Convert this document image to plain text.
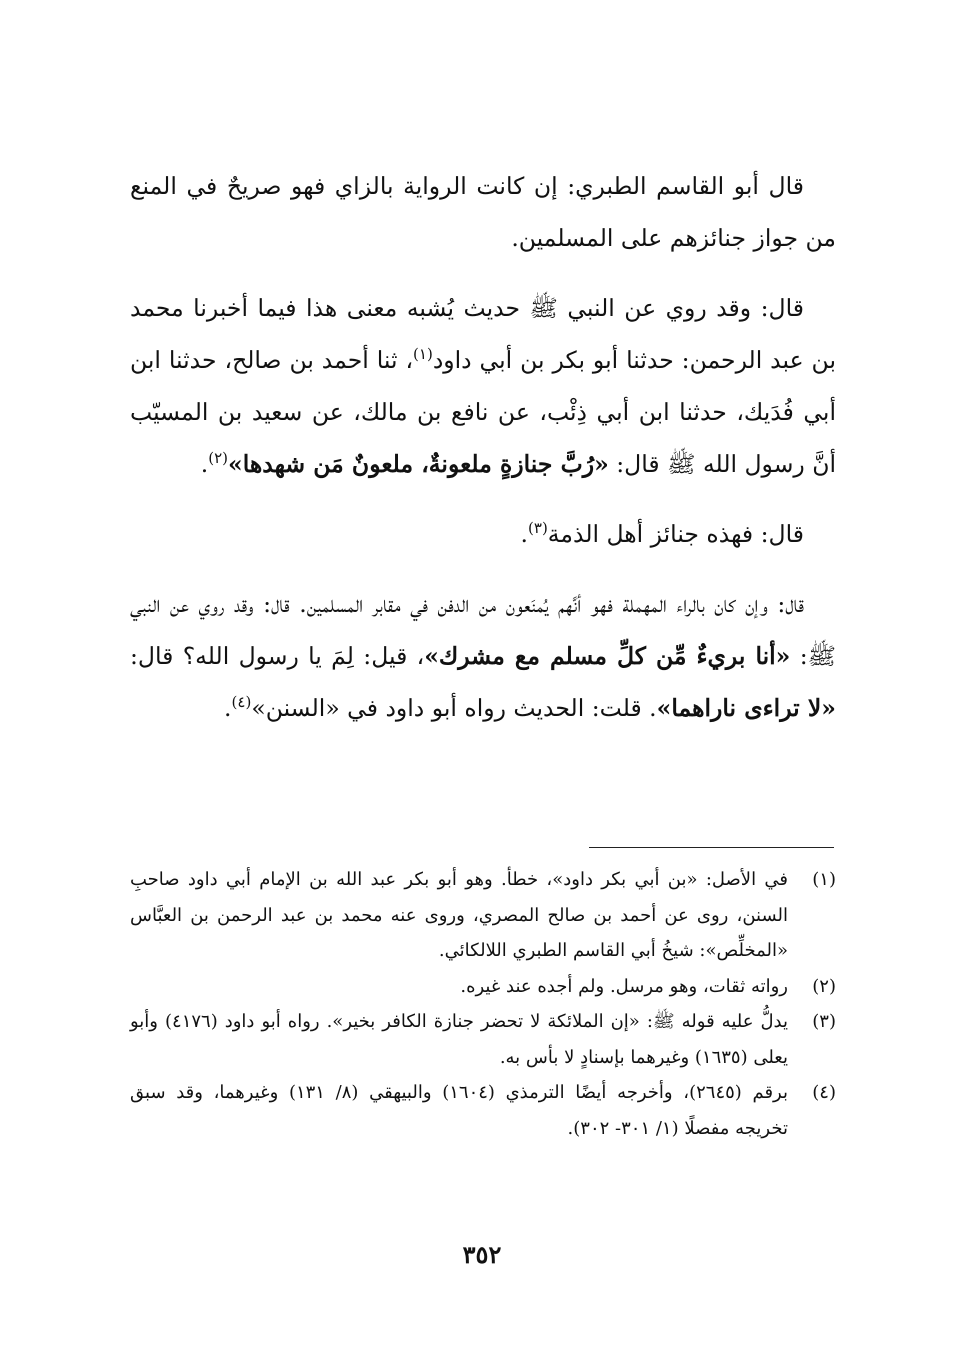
قال أبو القاسم الطبري: إن كانت الرواية بالزاي فهو صريحٌ في المنع من جواز جنائزهم على المسلمين.

قال: وقد روي عن النبي ﷺ حديث يُشبه معنى هذا فيما أخبرنا محمد بن عبد الرحمن: حدثنا أبو بكر بن أبي داود$^{(١)}$، ثنا أحمد بن صالح، حدثنا ابن أبي فُدَيك، حدثنا ابن أبي ذِئْب، عن نافع بن مالك، عن سعيد بن المسيّب أنَّ رسول الله ﷺ قال: «رُبَّ جنازةٍ ملعونةٌ، ملعونٌ مَن شهدها»$^{(٢)}$.

قال: فهذه جنائز أهل الذمة$^{(٣)}$.

قال: وإن كان بالراء المهملة فهو أنَّهم يُمنَعون من الدفن في مقابر المسلمين. قال: وقد روي عن النبي ﷺ: «أنا بريءٌ مِّن كلِّ مسلم مع مشرك»، قيل: لِمَ يا رسول الله؟ قال: «لا تراءى ناراهما». قلت: الحديث رواه أبو داود في «السنن»$^{(٤)}$.

(١)
في الأصل: «بن أبي بكر داود»، خطأ. وهو أبو بكر عبد الله بن الإمام أبي داود صاحبِ السنن، روى عن أحمد بن صالح المصري، وروى عنه محمد بن عبد الرحمن بن العبَّاس «المخلِّص»: شيخُ أبي القاسم الطبري اللالكائي.
(٢)
رواته ثقات، وهو مرسل. ولم أجده عند غيره.
(٣)
يدلُّ عليه قوله ﷺ: «إن الملائكة لا تحضر جنازة الكافر بخير». رواه أبو داود (٤١٧٦) وأبو يعلى (١٦٣٥) وغيرهما بإسنادٍ لا بأس به.
(٤)
برقم (٢٦٤٥)، وأخرجه أيضًا الترمذي (١٦٠٤) والبيهقي (٨/ ١٣١) وغيرهما، وقد سبق تخريجه مفصلًا (١/ ٣٠١- ٣٠٢).
٣٥٢
